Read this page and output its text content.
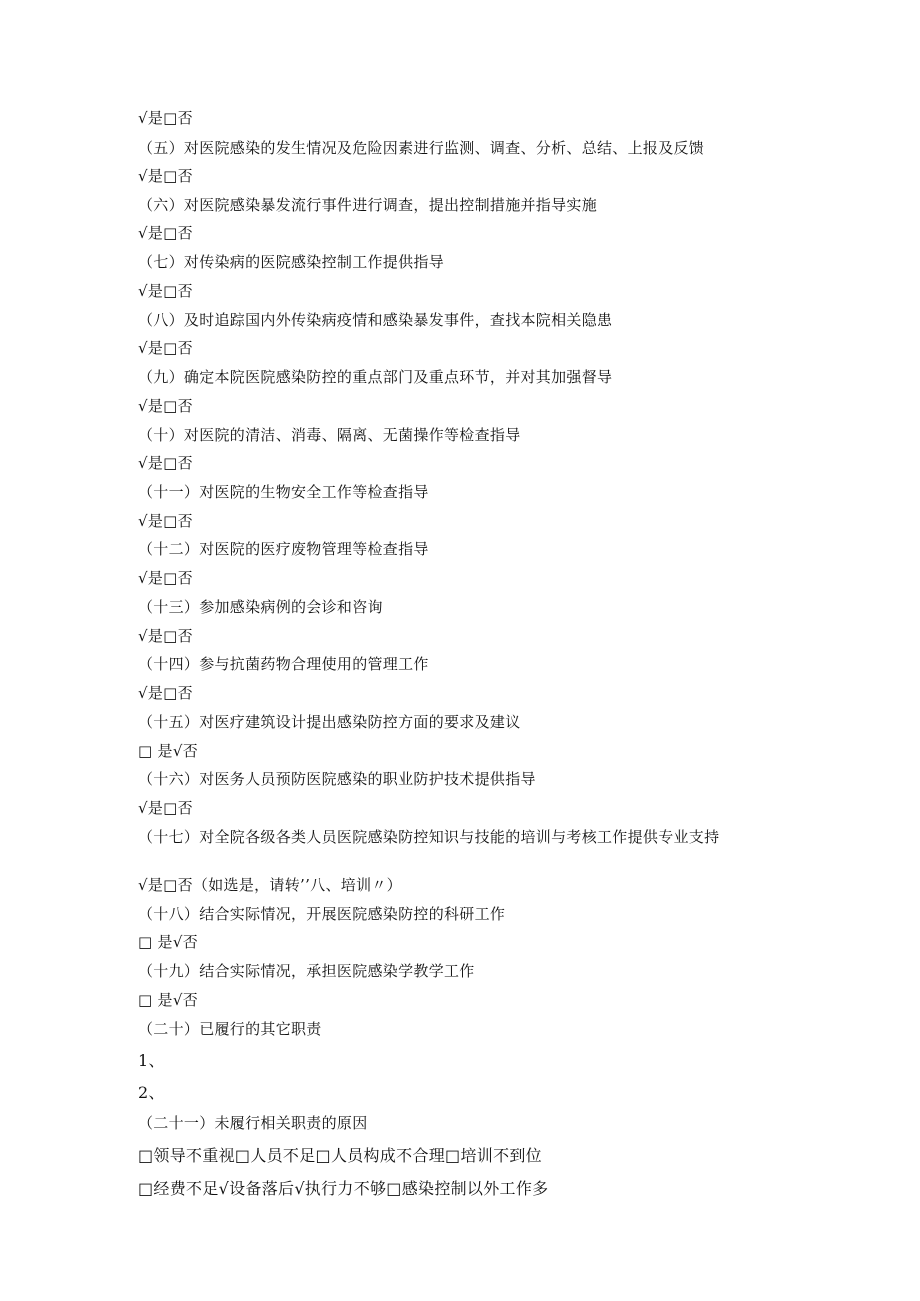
√是□否
（五）对医院感染的发生情况及危险因素进行监测、调查、分析、总结、上报及反馈
√是□否
（六）对医院感染暴发流行事件进行调查，提出控制措施并指导实施
√是□否
（七）对传染病的医院感染控制工作提供指导
√是□否
（八）及时追踪国内外传染病疫情和感染暴发事件，查找本院相关隐患
√是□否
（九）确定本院医院感染防控的重点部门及重点环节，并对其加强督导
√是□否
（十）对医院的清洁、消毒、隔离、无菌操作等检查指导
√是□否
（十一）对医院的生物安全工作等检查指导
√是□否
（十二）对医院的医疗废物管理等检查指导
√是□否
（十三）参加感染病例的会诊和咨询
√是□否
（十四）参与抗菌药物合理使用的管理工作
√是□否
（十五）对医疗建筑设计提出感染防控方面的要求及建议
□ 是√否
（十六）对医务人员预防医院感染的职业防护技术提供指导
√是□否
（十七）对全院各级各类人员医院感染防控知识与技能的培训与考核工作提供专业支持
√是□否（如选是，请转’’八、培训〃）
（十八）结合实际情况，开展医院感染防控的科研工作
□ 是√否
（十九）结合实际情况，承担医院感染学教学工作
□ 是√否
（二十）已履行的其它职责
1、
2、
（二十一）未履行相关职责的原因
□领导不重视□人员不足□人员构成不合理□培训不到位
□经费不足√设备落后√执行力不够□感染控制以外工作多
